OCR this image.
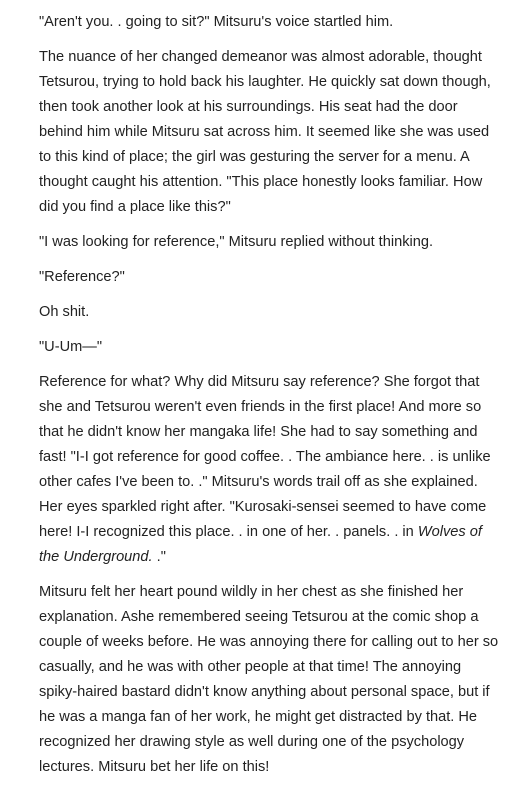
"Aren't you. . going to sit?" Mitsuru's voice startled him.

The nuance of her changed demeanor was almost adorable, thought Tetsurou, trying to hold back his laughter. He quickly sat down though, then took another look at his surroundings. His seat had the door behind him while Mitsuru sat across him. It seemed like she was used to this kind of place; the girl was gesturing the server for a menu. A thought caught his attention. "This place honestly looks familiar. How did you find a place like this?"

"I was looking for reference," Mitsuru replied without thinking.

"Reference?"

Oh shit.

"U-Um—"

Reference for what? Why did Mitsuru say reference? She forgot that she and Tetsurou weren't even friends in the first place! And more so that he didn't know her mangaka life! She had to say something and fast! "I-I got reference for good coffee. . The ambiance here. . is unlike other cafes I've been to. ." Mitsuru's words trail off as she explained. Her eyes sparkled right after. "Kurosaki-sensei seemed to have come here! I-I recognized this place. . in one of her. . panels. . in Wolves of the Underground. ."

Mitsuru felt her heart pound wildly in her chest as she finished her explanation. Ashe remembered seeing Tetsurou at the comic shop a couple of weeks before. He was annoying there for calling out to her so casually, and he was with other people at that time! The annoying spiky-haired bastard didn't know anything about personal space, but if he was a manga fan of her work, he might get distracted by that. He recognized her drawing style as well during one of the psychology lectures. Mitsuru bet her life on this!
